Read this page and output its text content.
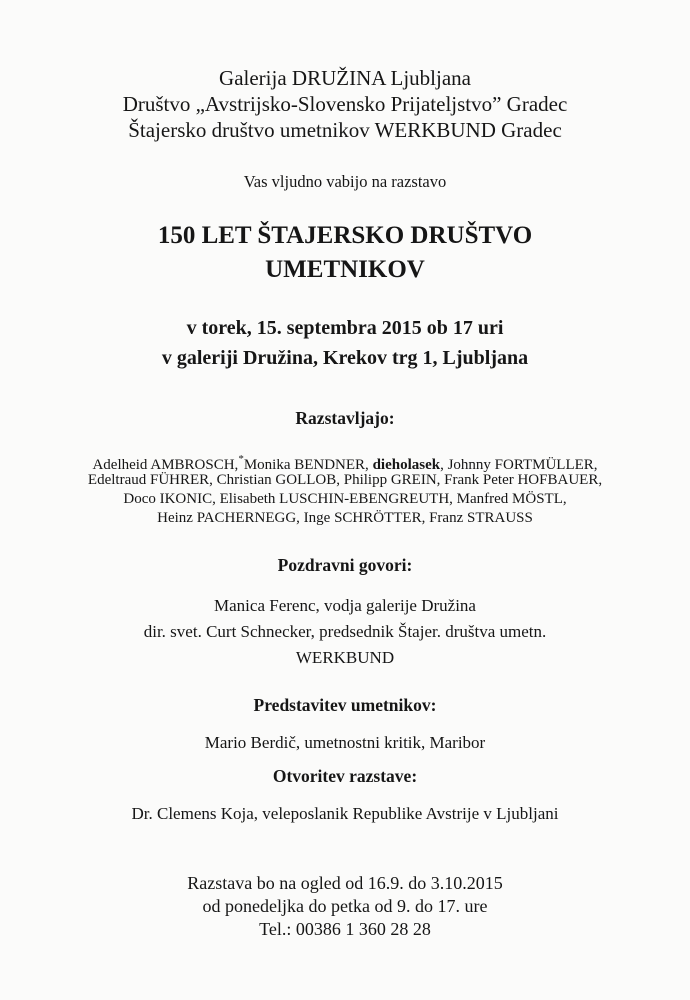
Galerija DRUŽINA Ljubljana
Društvo „Avstrijsko-Slovensko Prijateljstvo” Gradec
Štajersko društvo umetnikov WERKBUND Gradec
Vas vljudno vabijo na razstavo
150 LET ŠTAJERSKO DRUŠTVO
UMETNIKOV
v torek, 15. septembra 2015 ob 17 uri
v galeriji Družina, Krekov trg 1, Ljubljana
Razstavljajo:
Adelheid AMBROSCH,*Monika BENDNER, dieholasek, Johnny FORTMÜLLER,
Edeltraud FÜHRER, Christian GOLLOB, Philipp GREIN, Frank Peter HOFBAUER,
Doco IKONIC, Elisabeth LUSCHIN-EBENGREUTH, Manfred MÖSTL,
Heinz PACHERNEGG, Inge SCHRÖTTER, Franz STRAUSS
Pozdravni govori:
Manica Ferenc, vodja galerije Družina
dir. svet. Curt Schnecker, predsednik Štajer. društva umetn.
WERKBUND
Predstavitev umetnikov:
Mario Berdič, umetnostni kritik, Maribor
Otvoritev razstave:
Dr. Clemens Koja, veleposlanik Republike Avstrije v Ljubljani
Razstava bo na ogled od 16.9. do 3.10.2015
od ponedeljka do petka od 9. do 17. ure
Tel.: 00386 1 360 28 28
